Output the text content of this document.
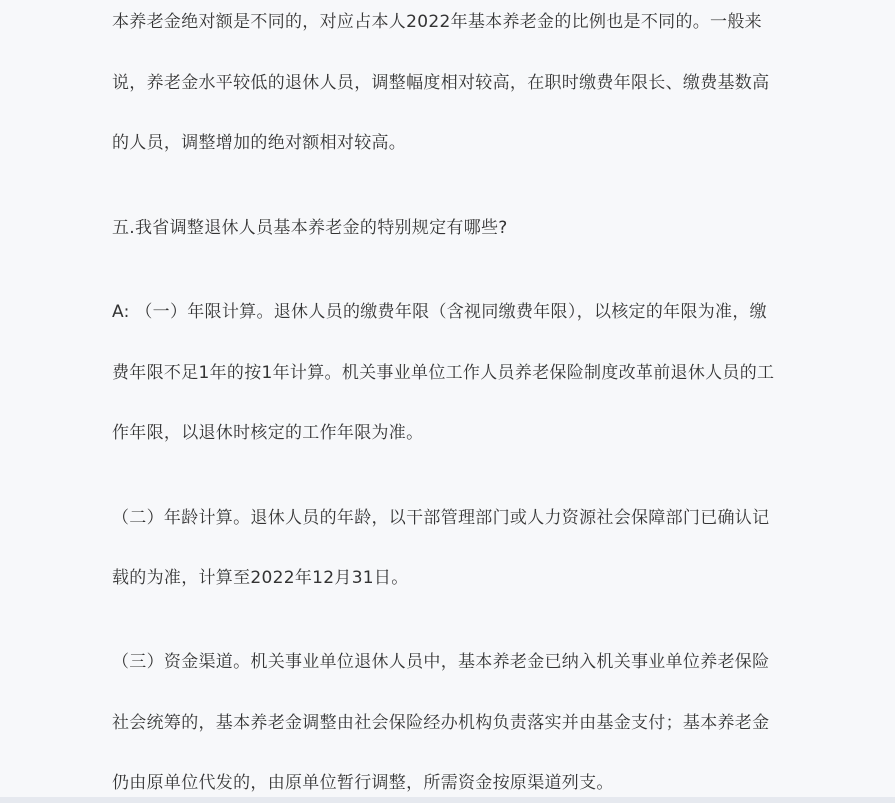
本养老金绝对额是不同的，对应占本人2022年基本养老金的比例也是不同的。一般来
说，养老金水平较低的退休人员，调整幅度相对较高，在职时缴费年限长、缴费基数高
的人员，调整增加的绝对额相对较高。
五.我省调整退休人员基本养老金的特别规定有哪些?
A: （一）年限计算。退休人员的缴费年限（含视同缴费年限），以核定的年限为准，缴
费年限不足1年的按1年计算。机关事业单位工作人员养老保险制度改革前退休人员的工
作年限，以退休时核定的工作年限为准。
（二）年龄计算。退休人员的年龄，以干部管理部门或人力资源社会保障部门已确认记
载的为准，计算至2022年12月31日。
（三）资金渠道。机关事业单位退休人员中，基本养老金已纳入机关事业单位养老保险
社会统筹的，基本养老金调整由社会保险经办机构负责落实并由基金支付；基本养老金
仍由原单位代发的，由原单位暂行调整，所需资金按原渠道列支。
